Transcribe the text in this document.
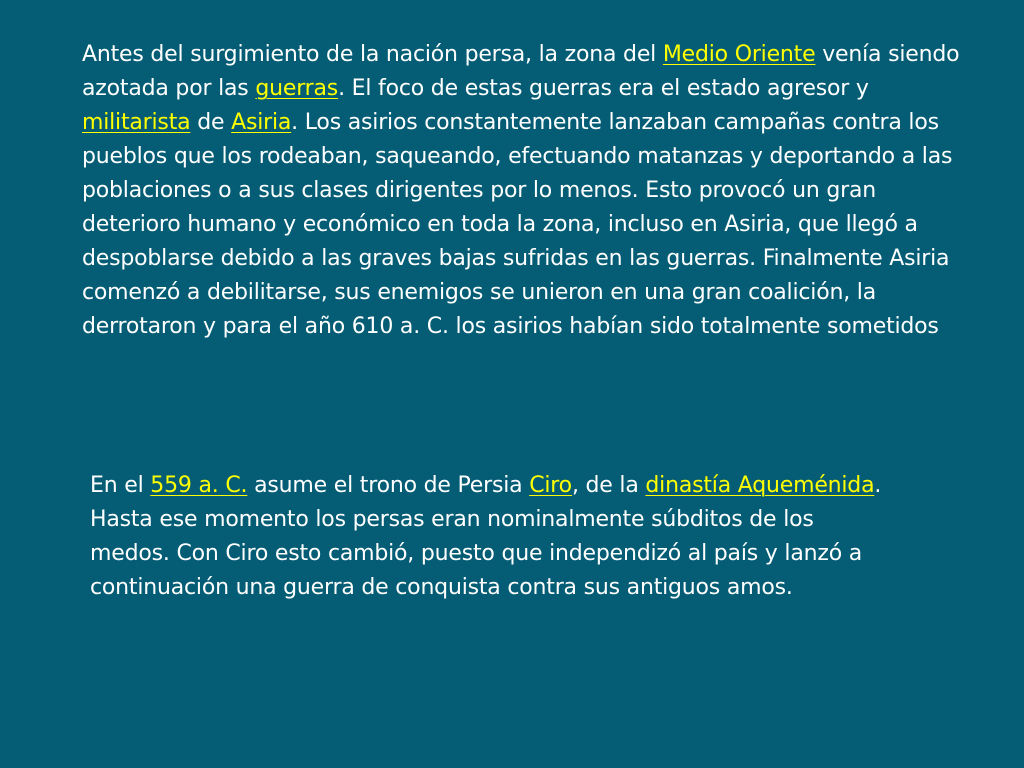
Antes del surgimiento de la nación persa, la zona del Medio Oriente venía siendo azotada por las guerras. El foco de estas guerras era el estado agresor y militarista de Asiria. Los asirios constantemente lanzaban campañas contra los pueblos que los rodeaban, saqueando, efectuando matanzas y deportando a las poblaciones o a sus clases dirigentes por lo menos. Esto provocó un gran deterioro humano y económico en toda la zona, incluso en Asiria, que llegó a despoblarse debido a las graves bajas sufridas en las guerras. Finalmente Asiria comenzó a debilitarse, sus enemigos se unieron en una gran coalición, la derrotaron y para el año 610 a. C. los asirios habían sido totalmente sometidos

En el 559 a. C. asume el trono de Persia Ciro, de la dinastía Aqueménida. Hasta ese momento los persas eran nominalmente súbditos de los medos. Con Ciro esto cambió, puesto que independizó al país y lanzó a continuación una guerra de conquista contra sus antiguos amos.
